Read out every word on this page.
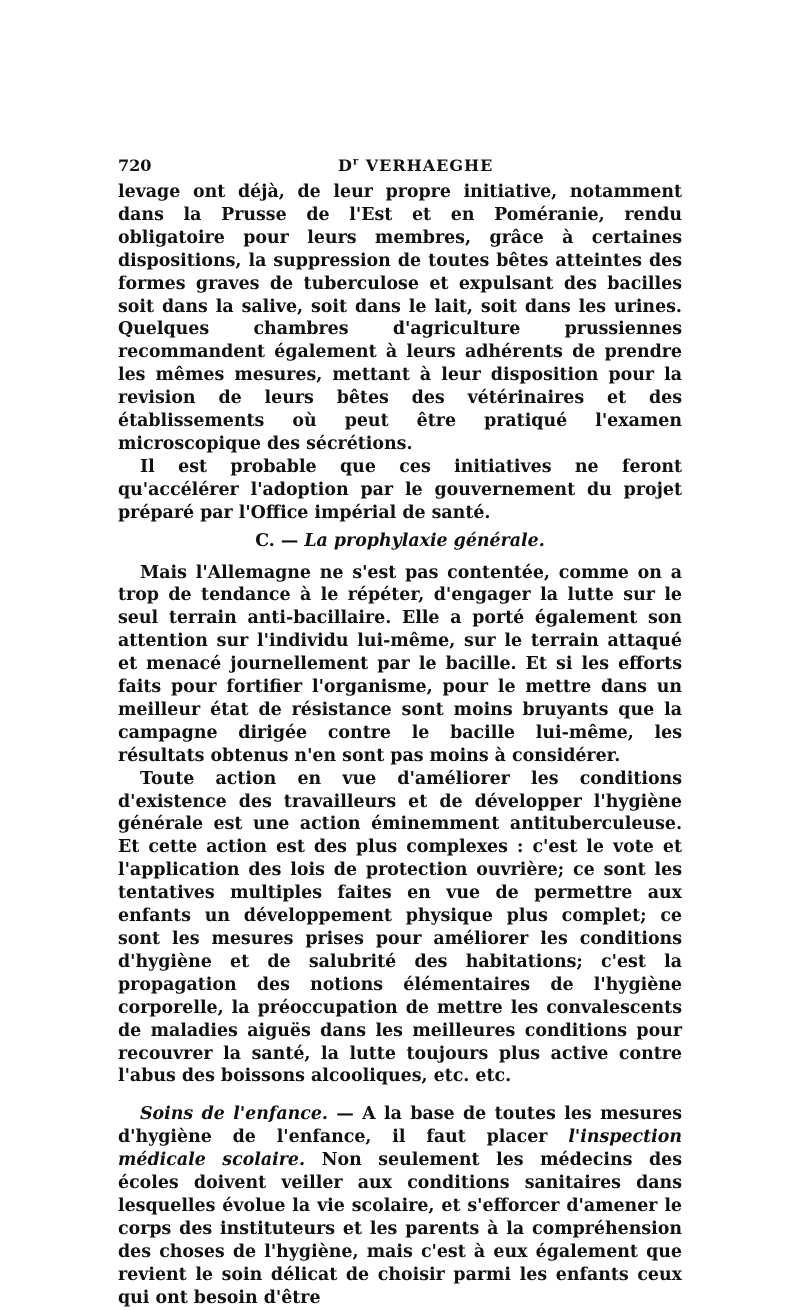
720	$D^r$ VERHAEGHE

levage ont déjà, de leur propre initiative, notamment dans la Prusse de l'Est et en Poméranie, rendu obligatoire pour leurs membres, grâce à certaines dispositions, la suppression de toutes bêtes atteintes des formes graves de tuberculose et expulsant des bacilles soit dans la salive, soit dans le lait, soit dans les urines. Quelques chambres d'agriculture prussiennes recommandent également à leurs adhérents de prendre les mêmes mesures, mettant à leur disposition pour la revision de leurs bêtes des vétérinaires et des établissements où peut être pratiqué l'examen microscopique des sécrétions.

Il est probable que ces initiatives ne feront qu'accélérer l'adoption par le gouvernement du projet préparé par l'Office impérial de santé.

C. — La prophylaxie générale.

Mais l'Allemagne ne s'est pas contentée, comme on a trop de tendance à le répéter, d'engager la lutte sur le seul terrain anti-bacillaire. Elle a porté également son attention sur l'individu lui-même, sur le terrain attaqué et menacé journellement par le bacille. Et si les efforts faits pour fortifier l'organisme, pour le mettre dans un meilleur état de résistance sont moins bruyants que la campagne dirigée contre le bacille lui-même, les résultats obtenus n'en sont pas moins à considérer.

Toute action en vue d'améliorer les conditions d'existence des travailleurs et de développer l'hygiène générale est une action éminemment antituberculeuse. Et cette action est des plus complexes : c'est le vote et l'application des lois de protection ouvrière; ce sont les tentatives multiples faites en vue de permettre aux enfants un développement physique plus complet; ce sont les mesures prises pour améliorer les conditions d'hygiène et de salubrité des habitations; c'est la propagation des notions élémentaires de l'hygiène corporelle, la préoccupation de mettre les convalescents de maladies aiguës dans les meilleures conditions pour recouvrer la santé, la lutte toujours plus active contre l'abus des boissons alcooliques, etc. etc.

Soins de l'enfance. — A la base de toutes les mesures d'hygiène de l'enfance, il faut placer l'inspection médicale scolaire. Non seulement les médecins des écoles doivent veiller aux conditions sanitaires dans lesquelles évolue la vie scolaire, et s'efforcer d'amener le corps des instituteurs et les parents à la compréhension des choses de l'hygiène, mais c'est à eux également que revient le soin délicat de choisir parmi les enfants ceux qui ont besoin d'être
